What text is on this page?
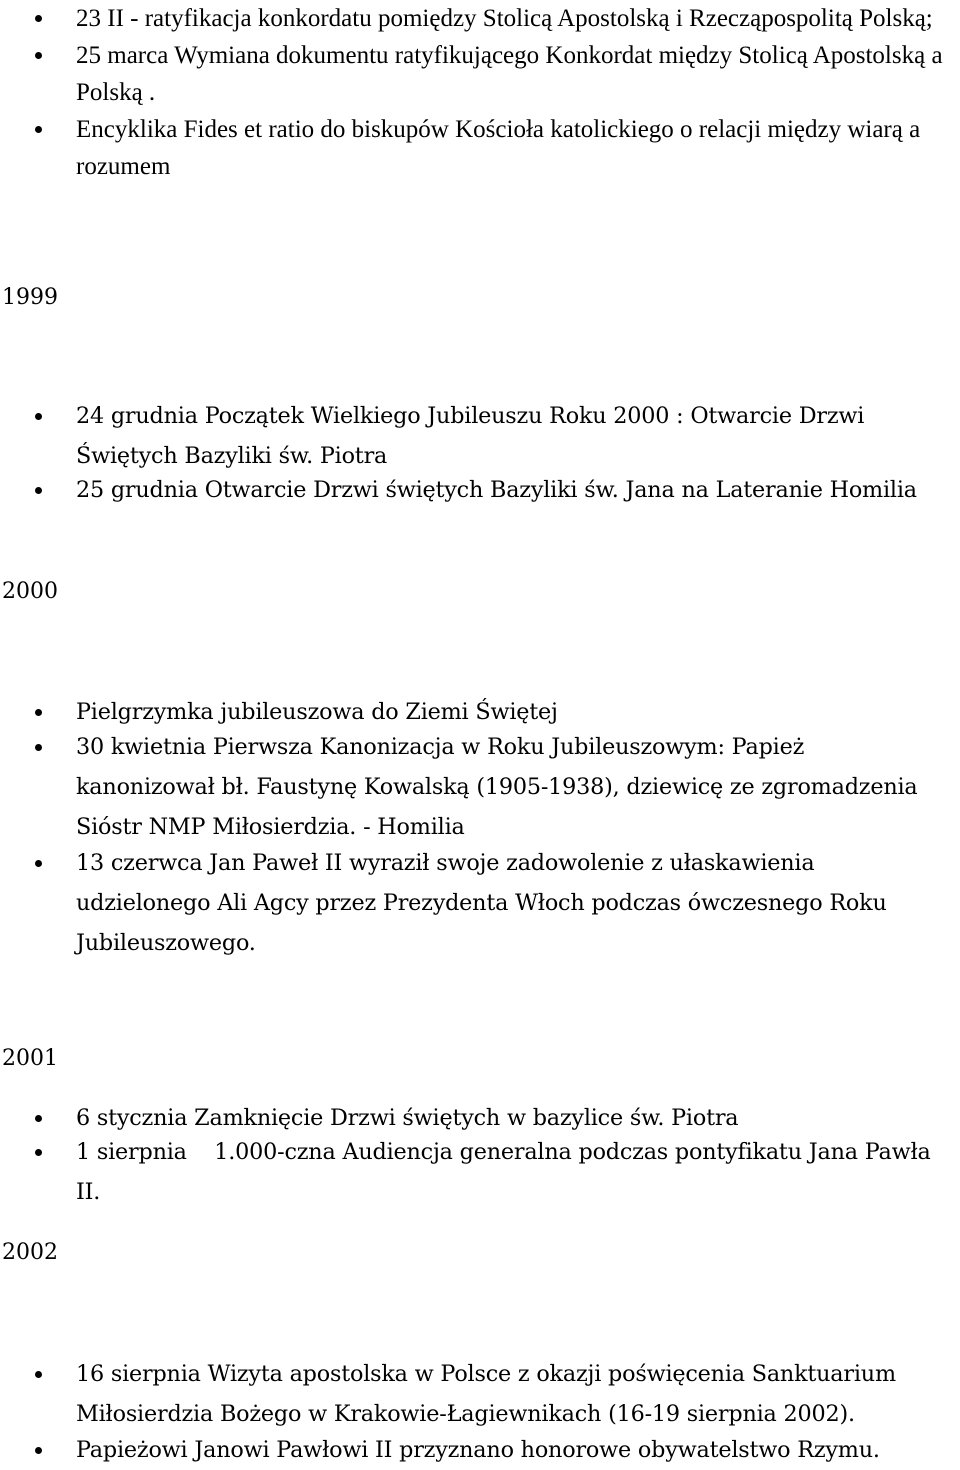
23 II - ratyfikacja konkordatu pomiędzy Stolicą Apostolską i Rzecząpospolitą Polską;
25 marca Wymiana dokumentu ratyfikującego Konkordat między Stolicą Apostolską a Polską .
Encyklika Fides et ratio do biskupów Kościoła katolickiego o relacji między wiarą a rozumem
1999
24 grudnia Początek Wielkiego Jubileuszu Roku 2000 : Otwarcie Drzwi Świętych Bazyliki św. Piotra
25 grudnia Otwarcie Drzwi świętych Bazyliki św. Jana na Lateranie Homilia
2000
Pielgrzymka jubileuszowa do Ziemi Świętej
30 kwietnia Pierwsza Kanonizacja w Roku Jubileuszowym: Papież kanonizował bł. Faustynę Kowalską (1905-1938), dziewicę ze zgromadzenia Sióstr NMP Miłosierdzia. - Homilia
13 czerwca Jan Paweł II wyraził swoje zadowolenie z ułaskawienia udzielonego Ali Agcy przez Prezydenta Włoch podczas ówczesnego Roku Jubileuszowego.
2001
6 stycznia Zamknięcie Drzwi świętych w bazylice św. Piotra
1 sierpnia    1.000-czna Audiencja generalna podczas pontyfikatu Jana Pawła II.
2002
16 sierpnia Wizyta apostolska w Polsce z okazji poświęcenia Sanktuarium Miłosierdzia Bożego w Krakowie-Łagiewnikach (16-19 sierpnia 2002).
Papieżowi Janowi Pawłowi II przyznano honorowe obywatelstwo Rzymu.
